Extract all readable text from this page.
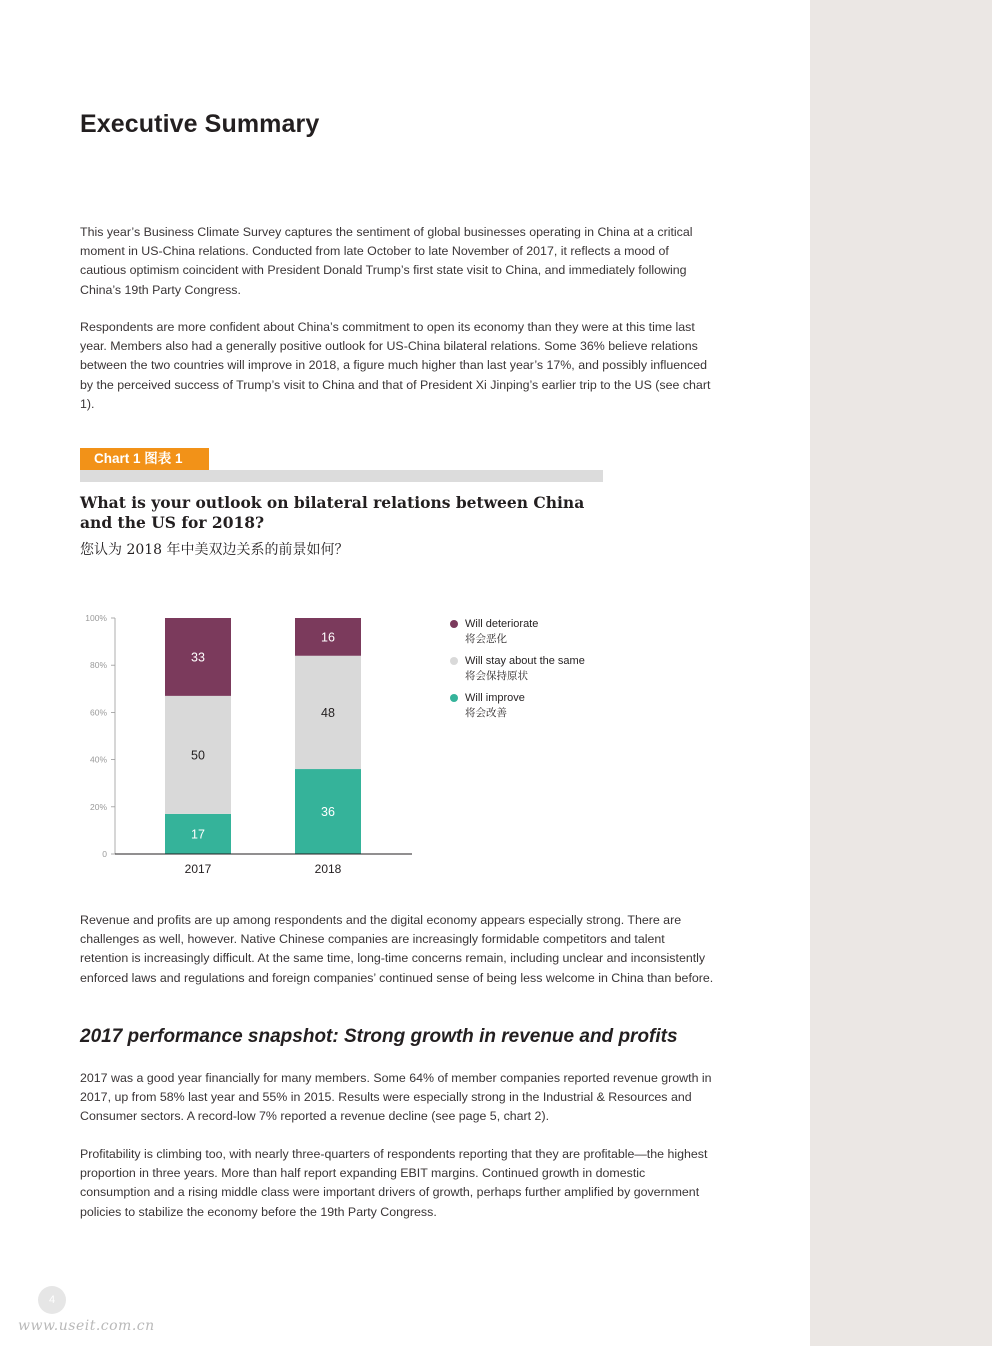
Executive Summary

This year’s Business Climate Survey captures the sentiment of global businesses operating in China at a critical moment in US-China relations. Conducted from late October to late November of 2017, it reflects a mood of cautious optimism coincident with President Donald Trump’s first state visit to China, and immediately following China’s 19th Party Congress.

Respondents are more confident about China’s commitment to open its economy than they were at this time last year. Members also had a generally positive outlook for US-China bilateral relations. Some 36% believe relations between the two countries will improve in 2018, a figure much higher than last year’s 17%, and possibly influenced by the perceived success of Trump’s visit to China and that of President Xi Jinping’s earlier trip to the US (see chart 1).

Chart 1 图表 1
What is your outlook on bilateral relations between China and the US for 2018?
您认为 2018 年中美双边关系的前景如何？
0
20%
40%
60%
80%
100%
17
50
33
2017
36
48
16
2018
Will deteriorate
将会恶化
Will stay about the same
将会保持原状
Will improve
将会改善

Revenue and profits are up among respondents and the digital economy appears especially strong. There are challenges as well, however. Native Chinese companies are increasingly formidable competitors and talent retention is increasingly difficult. At the same time, long-time concerns remain, including unclear and inconsistently enforced laws and regulations and foreign companies’ continued sense of being less welcome in China than before.

2017 performance snapshot: Strong growth in revenue and profits

2017 was a good year financially for many members. Some 64% of member companies reported revenue growth in 2017, up from 58% last year and 55% in 2015. Results were especially strong in the Industrial & Resources and Consumer sectors. A record-low 7% reported a revenue decline (see page 5, chart 2).

Profitability is climbing too, with nearly three-quarters of respondents reporting that they are profitable—the highest proportion in three years. More than half report expanding EBIT margins. Continued growth in domestic consumption and a rising middle class were important drivers of growth, perhaps further amplified by government policies to stabilize the economy before the 19th Party Congress.

4
www.useit.com.cn
